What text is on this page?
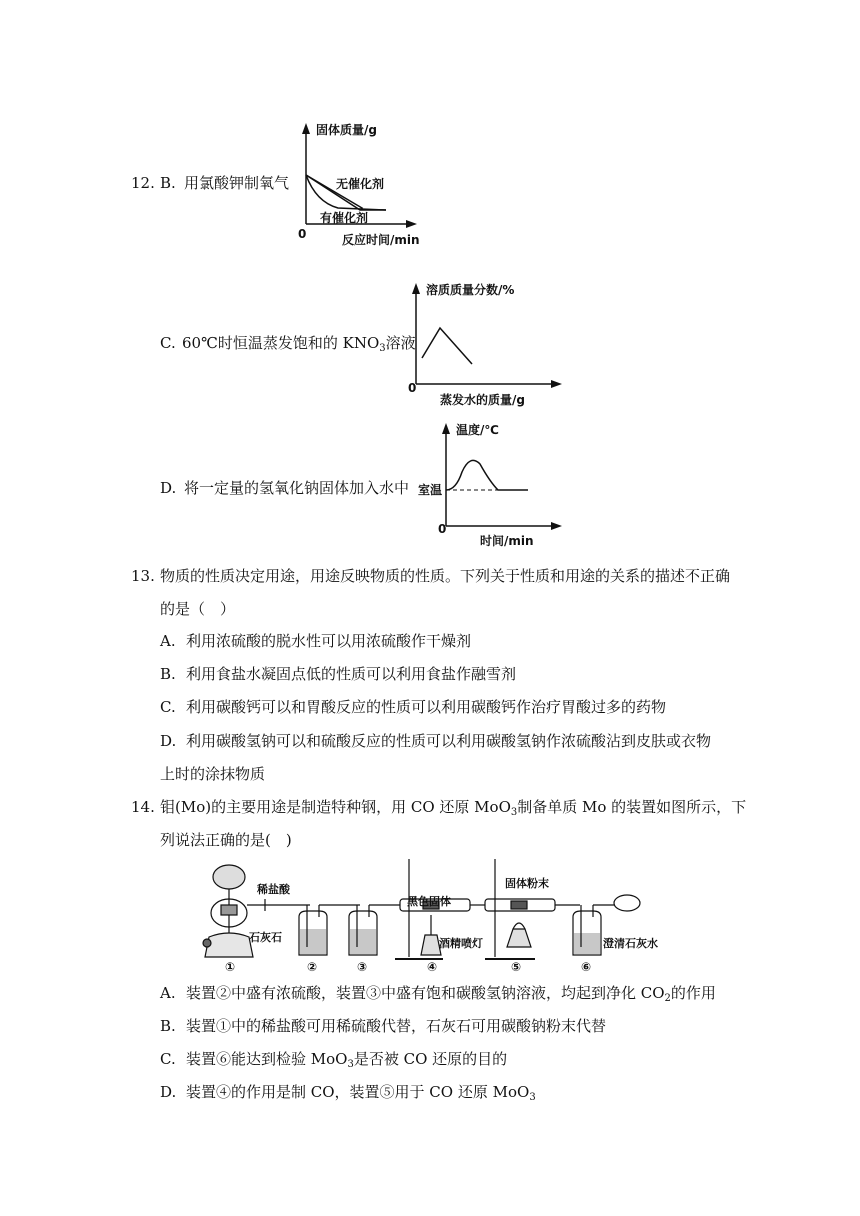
12. B. 用氯酸钾制氧气
固体质量/g
反应时间/min
0
无催化剂
有催化剂
C. 60℃时恒温蒸发饱和的 $KNO_3$溶液
溶质质量分数/%
蒸发水的质量/g
0
D. 将一定量的氢氧化钠固体加入水中
温度/℃
时间/min
0
室温
13. 物质的性质决定用途，用途反映物质的性质。下列关于性质和用途的关系的描述不正确
的是（　）
A. 利用浓硫酸的脱水性可以用浓硫酸作干燥剂
B. 利用食盐水凝固点低的性质可以利用食盐作融雪剂
C. 利用碳酸钙可以和胃酸反应的性质可以利用碳酸钙作治疗胃酸过多的药物
D. 利用碳酸氢钠可以和硫酸反应的性质可以利用碳酸氢钠作浓硫酸沾到皮肤或衣物
上时的涂抹物质
14. 钼(Mo)的主要用途是制造特种钢，用 CO 还原 MoO$_3$制备单质 Mo 的装置如图所示，下
列说法正确的是(　)
稀盐酸
石灰石
黑色固体
酒精喷灯
固体粉末
澄清石灰水
①	②	③	④	⑤	⑥
A. 装置②中盛有浓硫酸，装置③中盛有饱和碳酸氢钠溶液，均起到净化 $CO_2$的作用
B. 装置①中的稀盐酸可用稀硫酸代替，石灰石可用碳酸钠粉末代替
C. 装置⑥能达到检验 MoO$_3$是否被 CO 还原的目的
D. 装置④的作用是制 CO，装置⑤用于 CO 还原 MoO$_3$
